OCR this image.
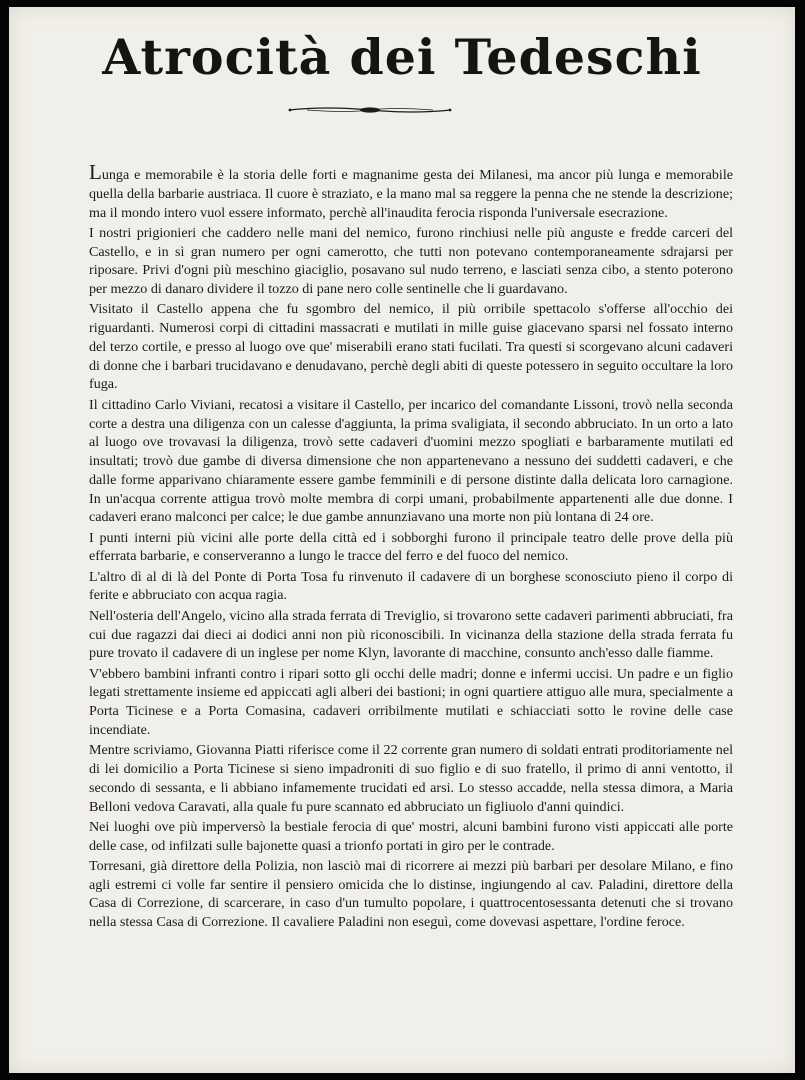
Atrocità dei Tedeschi

Lunga e memorabile è la storia delle forti e magnanime gesta dei Milanesi, ma ancor più lunga e memorabile quella della barbarie austriaca. Il cuore è straziato, e la mano mal sa reggere la penna che ne stende la descrizione; ma il mondo intero vuol essere informato, perchè all'inaudita ferocia risponda l'universale esecrazione.

I nostri prigionieri che caddero nelle mani del nemico, furono rinchiusi nelle più anguste e fredde carceri del Castello, e in sì gran numero per ogni camerotto, che tutti non potevano contemporaneamente sdrajarsi per riposare. Privi d'ogni più meschino giaciglio, posavano sul nudo terreno, e lasciati senza cibo, a stento poterono per mezzo di danaro dividere il tozzo di pane nero colle sentinelle che li guardavano.

Visitato il Castello appena che fu sgombro del nemico, il più orribile spettacolo s'offerse all'occhio dei riguardanti. Numerosi corpi di cittadini massacrati e mutilati in mille guise giacevano sparsi nel fossato interno del terzo cortile, e presso al luogo ove que' miserabili erano stati fucilati. Tra questi si scorgevano alcuni cadaveri di donne che i barbari trucidavano e denudavano, perchè degli abiti di queste potessero in seguito occultare la loro fuga.

Il cittadino Carlo Viviani, recatosi a visitare il Castello, per incarico del comandante Lissoni, trovò nella seconda corte a destra una diligenza con un calesse d'aggiunta, la prima svaligiata, il secondo abbruciato. In un orto a lato al luogo ove trovavasi la diligenza, trovò sette cadaveri d'uomini mezzo spogliati e barbaramente mutilati ed insultati; trovò due gambe di diversa dimensione che non appartenevano a nessuno dei suddetti cadaveri, e che dalle forme apparivano chiaramente essere gambe femminili e di persone distinte dalla delicata loro carnagione. In un'acqua corrente attigua trovò molte membra di corpi umani, probabilmente appartenenti alle due donne. I cadaveri erano malconci per calce; le due gambe annunziavano una morte non più lontana di 24 ore.

I punti interni più vicini alle porte della città ed i sobborghi furono il principale teatro delle prove della più efferrata barbarie, e conserveranno a lungo le tracce del ferro e del fuoco del nemico.

L'altro dì al di là del Ponte di Porta Tosa fu rinvenuto il cadavere di un borghese sconosciuto pieno il corpo di ferite e abbruciato con acqua ragia.

Nell'osteria dell'Angelo, vicino alla strada ferrata di Treviglio, si trovarono sette cadaveri parimenti abbruciati, fra cui due ragazzi dai dieci ai dodici anni non più riconoscibili. In vicinanza della stazione della strada ferrata fu pure trovato il cadavere di un inglese per nome Klyn, lavorante di macchine, consunto anch'esso dalle fiamme.

V'ebbero bambini infranti contro i ripari sotto gli occhi delle madri; donne e infermi uccisi. Un padre e un figlio legati strettamente insieme ed appiccati agli alberi dei bastioni; in ogni quartiere attiguo alle mura, specialmente a Porta Ticinese e a Porta Comasina, cadaveri orribilmente mutilati e schiacciati sotto le rovine delle case incendiate.

Mentre scriviamo, Giovanna Piatti riferisce come il 22 corrente gran numero di soldati entrati proditoriamente nel di lei domicilio a Porta Ticinese si sieno impadroniti di suo figlio e di suo fratello, il primo di anni ventotto, il secondo di sessanta, e li abbiano infamemente trucidati ed arsi. Lo stesso accadde, nella stessa dimora, a Maria Belloni vedova Caravati, alla quale fu pure scannato ed abbruciato un figliuolo d'anni quindici.

Nei luoghi ove più imperversò la bestiale ferocia di que' mostri, alcuni bambini furono visti appiccati alle porte delle case, od infilzati sulle bajonette quasi a trionfo portati in giro per le contrade.

Torresani, già direttore della Polizia, non lasciò mai di ricorrere ai mezzi più barbari per desolare Milano, e fino agli estremi ci volle far sentire il pensiero omicida che lo distinse, ingiungendo al cav. Paladini, direttore della Casa di Correzione, di scarcerare, in caso d'un tumulto popolare, i quattrocentosessanta detenuti che si trovano nella stessa Casa di Correzione. Il cavaliere Paladini non eseguì, come dovevasi aspettare, l'ordine feroce.
